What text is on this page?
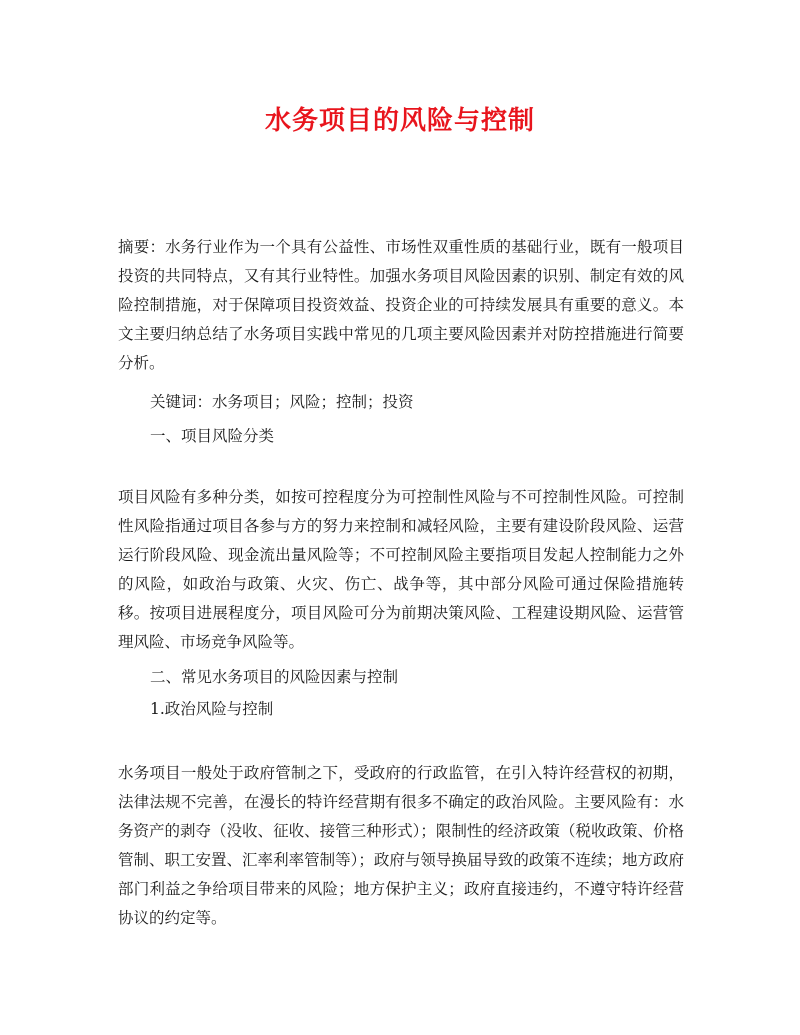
水务项目的风险与控制

摘要：水务行业作为一个具有公益性、市场性双重性质的基础行业，既有一般项目投资的共同特点，又有其行业特性。加强水务项目风险因素的识别、制定有效的风险控制措施，对于保障项目投资效益、投资企业的可持续发展具有重要的意义。本文主要归纳总结了水务项目实践中常见的几项主要风险因素并对防控措施进行简要分析。

关键词：水务项目；风险；控制；投资

一、项目风险分类

项目风险有多种分类，如按可控程度分为可控制性风险与不可控制性风险。可控制性风险指通过项目各参与方的努力来控制和减轻风险，主要有建设阶段风险、运营运行阶段风险、现金流出量风险等；不可控制风险主要指项目发起人控制能力之外的风险，如政治与政策、火灾、伤亡、战争等，其中部分风险可通过保险措施转移。按项目进展程度分，项目风险可分为前期决策风险、工程建设期风险、运营管理风险、市场竞争风险等。

二、常见水务项目的风险因素与控制

1.政治风险与控制

水务项目一般处于政府管制之下，受政府的行政监管，在引入特许经营权的初期，法律法规不完善，在漫长的特许经营期有很多不确定的政治风险。主要风险有：水务资产的剥夺（没收、征收、接管三种形式）；限制性的经济政策（税收政策、价格管制、职工安置、汇率利率管制等）；政府与领导换届导致的政策不连续；地方政府部门利益之争给项目带来的风险；地方保护主义；政府直接违约，不遵守特许经营协议的约定等。
